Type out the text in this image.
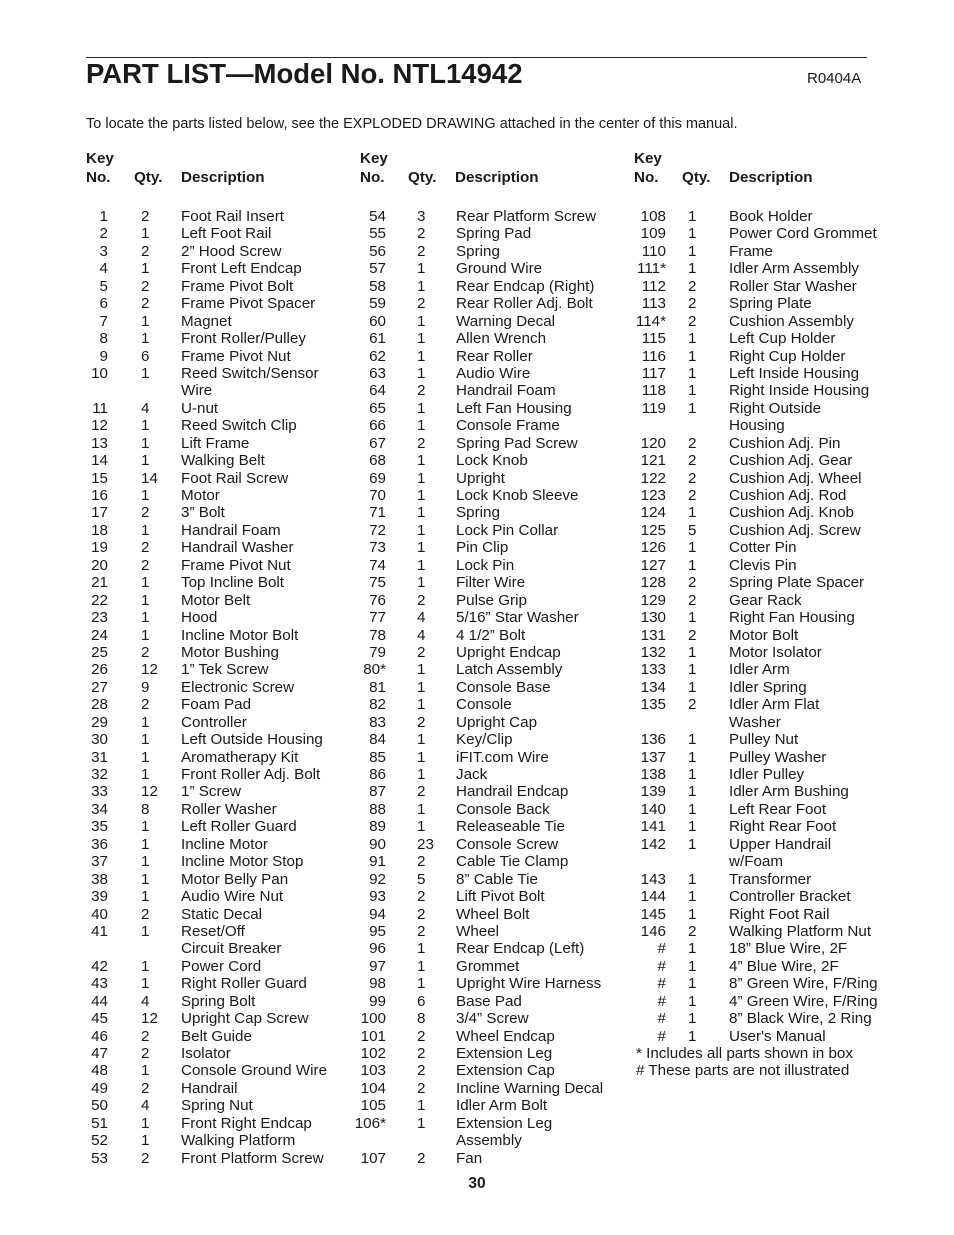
PART LIST—Model No. NTL14942	R0404A
To locate the parts listed below, see the EXPLODED DRAWING attached in the center of this manual.
Key
No. Qty. Description
1 2	Foot Rail Insert
2 1	Left Foot Rail
3 2	2” Hood Screw
4 1	Front Left Endcap
5 2	Frame Pivot Bolt
6 2	Frame Pivot Spacer
7 1	Magnet
8 1	Front Roller/Pulley
9 6	Frame Pivot Nut
10 1	Reed Switch/Sensor
Wire
11 4	U-nut
12 1	Reed Switch Clip
13 1	Lift Frame
14 1	Walking Belt
15 14 Foot Rail Screw
16 1	Motor
17 2	3” Bolt
18 1	Handrail Foam
19 2	Handrail Washer
20 2	Frame Pivot Nut
21 1	Top Incline Bolt
22 1	Motor Belt
23 1	Hood
24 1	Incline Motor Bolt
25 2	Motor Bushing
26 12 1” Tek Screw
27 9	Electronic Screw
28 2	Foam Pad
29 1	Controller
30 1	Left Outside Housing
31 1	Aromatherapy Kit
32 1	Front Roller Adj. Bolt
33 12 1” Screw
34 8	Roller Washer
35 1	Left Roller Guard
36 1	Incline Motor
37 1	Incline Motor Stop
38 1	Motor Belly Pan
39 1	Audio Wire Nut
40 2	Static Decal
41 1	Reset/Off
Circuit Breaker
42 1	Power Cord
43 1	Right Roller Guard
44 4	Spring Bolt
45 12 Upright Cap Screw
46 2	Belt Guide
47 2	Isolator
48 1	Console Ground Wire
49 2	Handrail
50 4	Spring Nut
51 1	Front Right Endcap
52 1	Walking Platform
53 2	Front Platform Screw
Key
No. Qty. Description
54 3	Rear Platform Screw
55 2	Spring Pad
56 2	Spring
57 1	Ground Wire
58 1	Rear Endcap (Right)
59 2	Rear Roller Adj. Bolt
60 1	Warning Decal
61 1	Allen Wrench
62 1	Rear Roller
63 1	Audio Wire
64 2	Handrail Foam
65 1	Left Fan Housing
66 1	Console Frame
67 2	Spring Pad Screw
68 1	Lock Knob
69 1	Upright
70 1	Lock Knob Sleeve
71 1	Spring
72 1	Lock Pin Collar
73 1	Pin Clip
74 1	Lock Pin
75 1	Filter Wire
76 2	Pulse Grip
77 4	5/16” Star Washer
78 4	4 1/2” Bolt
79 2	Upright Endcap
80* 1	Latch Assembly
81 1	Console Base
82 1	Console
83 2	Upright Cap
84 1	Key/Clip
85 1	iFIT.com Wire
86 1	Jack
87 2	Handrail Endcap
88 1	Console Back
89 1	Releaseable Tie
90 23 Console Screw
91 2	Cable Tie Clamp
92 5	8” Cable Tie
93 2	Lift Pivot Bolt
94 2	Wheel Bolt
95 2	Wheel
96 1	Rear Endcap (Left)
97 1	Grommet
98 1	Upright Wire Harness
99 6	Base Pad
100 8	3/4” Screw
101 2	Wheel Endcap
102 2	Extension Leg
103 2	Extension Cap
104 2	Incline Warning Decal
105 1	Idler Arm Bolt
106* 1	Extension Leg
Assembly
107 2	Fan
Key
No. Qty. Description
108 1	Book Holder
109 1	Power Cord Grommet
110 1	Frame
111* 1	Idler Arm Assembly
112 2	Roller Star Washer
113 2	Spring Plate
114* 2	Cushion Assembly
115 1	Left Cup Holder
116 1	Right Cup Holder
117 1	Left Inside Housing
118 1	Right Inside Housing
119 1	Right Outside
Housing
120 2	Cushion Adj. Pin
121 2	Cushion Adj. Gear
122 2	Cushion Adj. Wheel
123 2	Cushion Adj. Rod
124 1	Cushion Adj. Knob
125 5	Cushion Adj. Screw
126 1	Cotter Pin
127 1	Clevis Pin
128 2	Spring Plate Spacer
129 2	Gear Rack
130 1	Right Fan Housing
131 2	Motor Bolt
132 1	Motor Isolator
133 1	Idler Arm
134 1	Idler Spring
135 2	Idler Arm Flat
Washer
136 1	Pulley Nut
137 1	Pulley Washer
138 1	Idler Pulley
139 1	Idler Arm Bushing
140 1	Left Rear Foot
141 1	Right Rear Foot
142 1	Upper Handrail
w/Foam
143 1	Transformer
144 1	Controller Bracket
145 1	Right Foot Rail
146 2	Walking Platform Nut
# 1	18” Blue Wire, 2F
# 1	4” Blue Wire, 2F
# 1	8” Green Wire, F/Ring
# 1	4” Green Wire, F/Ring
# 1	8” Black Wire, 2 Ring
# 1	User's Manual
* Includes all parts shown in box
# These parts are not illustrated
30
